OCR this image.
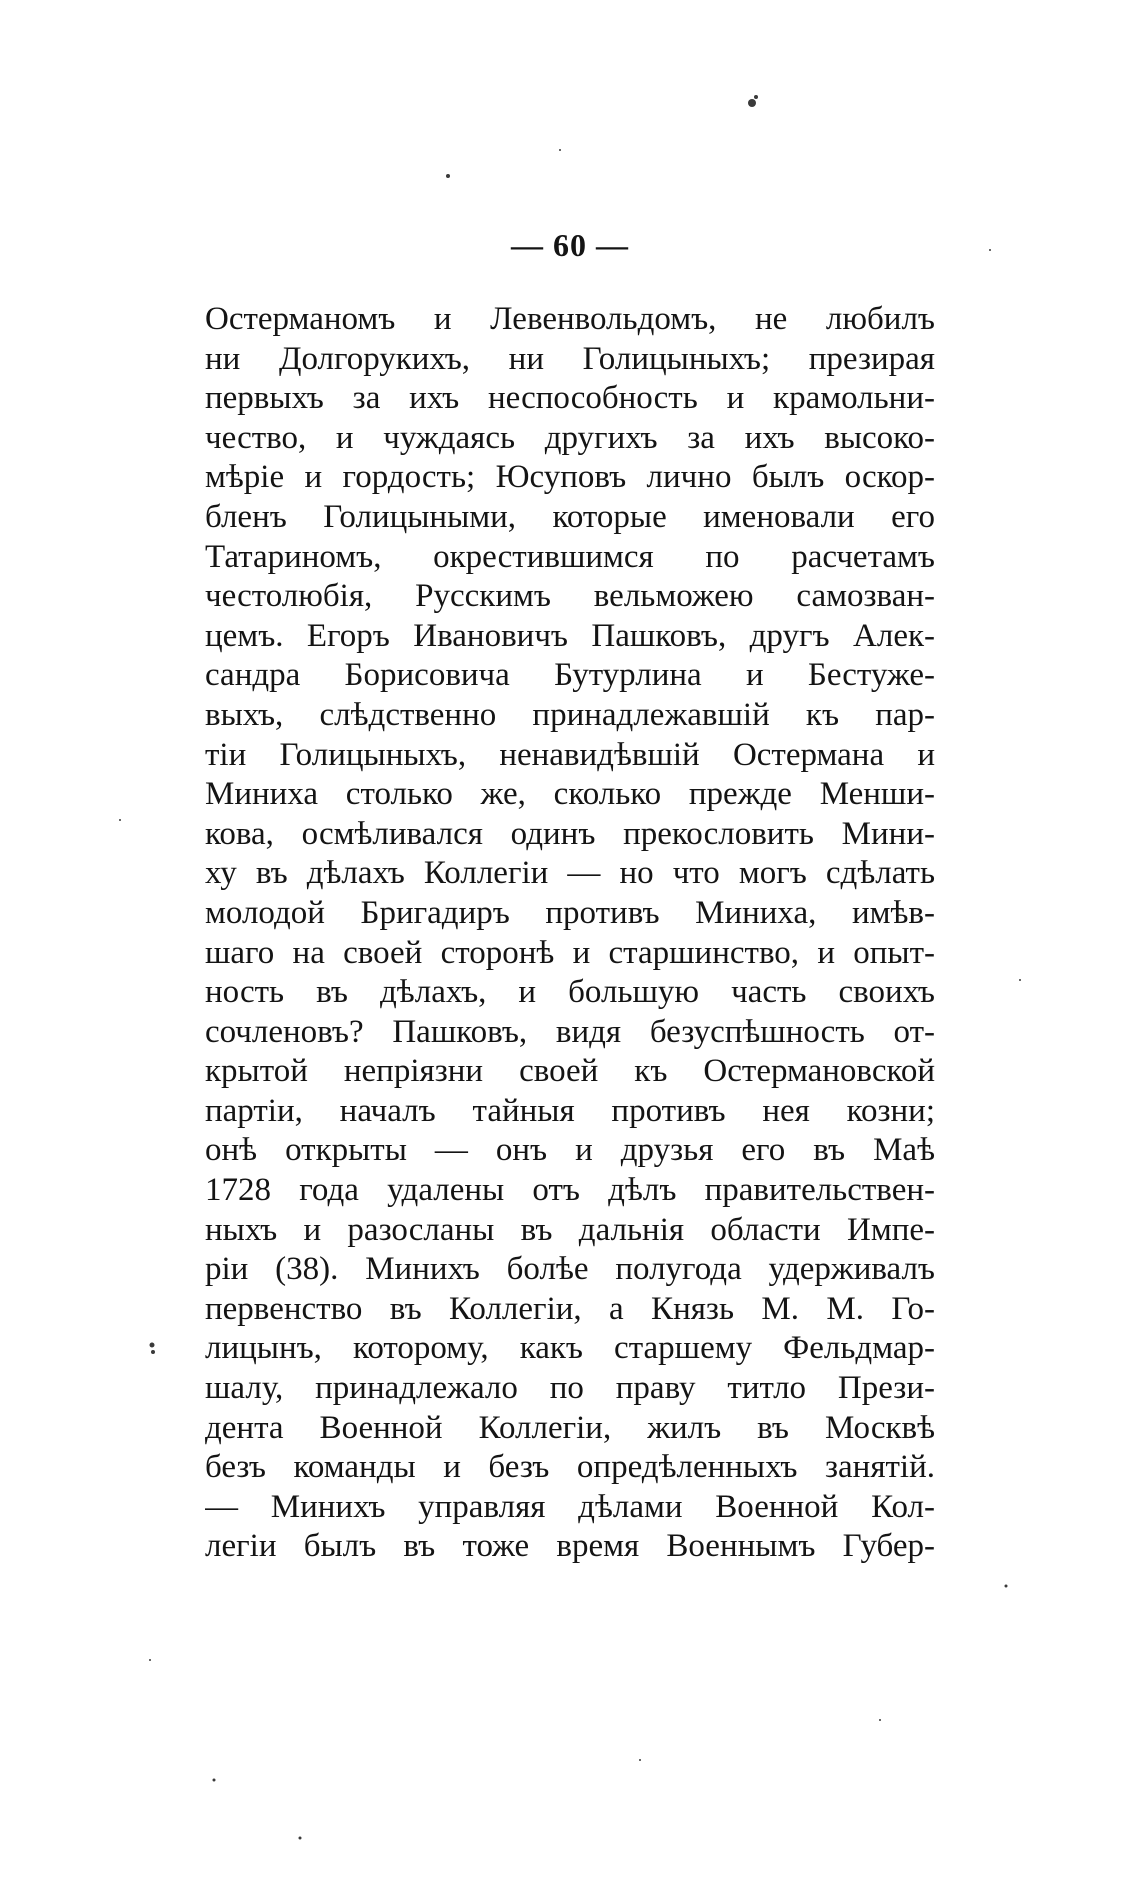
— 60 —
Остерманомъ и Левенвольдомъ, не любилъ
ни Долгорукихъ, ни Голицыныхъ; презирая
первыхъ за ихъ неспособность и крамольни-
чество, и чуждаясь другихъ за ихъ высоко-
мѣріе и гордость; Юсуповъ лично былъ оскор-
бленъ Голицыными, которые именовали его
Татариномъ, окрестившимся по расчетамъ
честолюбія, Русскимъ вельможею самозван-
цемъ. Егоръ Ивановичъ Пашковъ, другъ Алек-
сандра Борисовича Бутурлина и Бестуже-
выхъ, слѣдственно принадлежавшій къ пар-
тіи Голицыныхъ, ненавидѣвшій Остермана и
Миниха столько же, сколько прежде Менши-
кова, осмѣливался одинъ прекословить Мини-
ху въ дѣлахъ Коллегіи — но что могъ сдѣлать
молодой Бригадиръ противъ Миниха, имѣв-
шаго на своей сторонѣ и старшинство, и опыт-
ность въ дѣлахъ, и большую часть своихъ
сочленовъ? Пашковъ, видя безуспѣшность от-
крытой непріязни своей къ Остермановской
партіи, началъ тайныя противъ нея козни;
онѣ открыты — онъ и друзья его въ Маѣ
1728 года удалены отъ дѣлъ правительствен-
ныхъ и разосланы въ дальнія области Импе-
ріи (38). Минихъ болѣе полугода удерживалъ
первенство въ Коллегіи, а Князь М. М. Го-
лицынъ, которому, какъ старшему Фельдмар-
шалу, принадлежало по праву титло Прези-
дента Военной Коллегіи, жилъ въ Москвѣ
безъ команды и безъ опредѣленныхъ занятій.
— Минихъ управляя дѣлами Военной Кол-
легіи былъ въ тоже время Военнымъ Губер-
